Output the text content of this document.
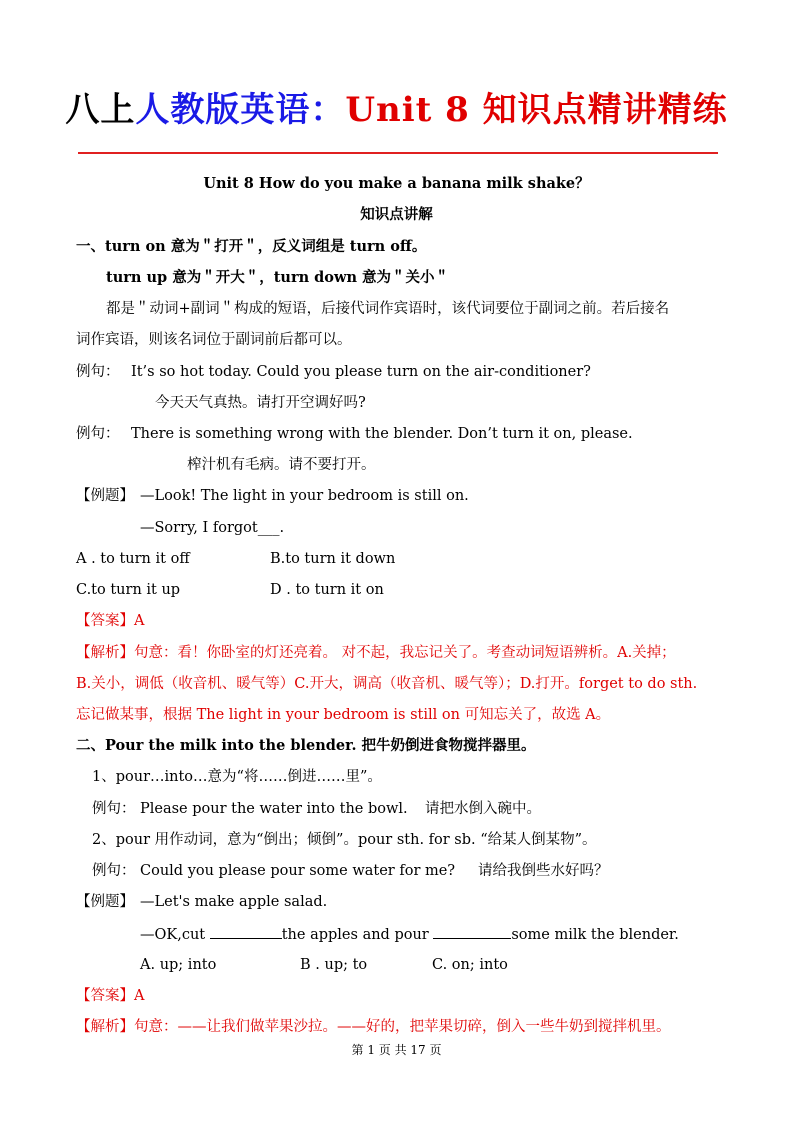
八上人教版英语：Unit 8 知识点精讲精练
Unit 8 How do you make a banana milk shake？
知识点讲解
一、turn on 意为＂打开＂，反义词组是 turn off。
turn up 意为＂开大＂，turn down 意为＂关小＂
都是＂动词+副词＂构成的短语，后接代词作宾语时，该代词要位于副词之前。若后接名
词作宾语，则该名词位于副词前后都可以。
例句： It’s so hot today. Could you please turn on the air-conditioner?
今天天气真热。请打开空调好吗?
例句： There is something wrong with the blender. Don’t turn it on, please.
榨汁机有毛病。请不要打开。
【例题】 —Look! The light in your bedroom is still on.
—Sorry, I forgot___.
A . to turn it off	B.to turn it down
C.to turn it up	D . to turn it on
【答案】A
【解析】句意：看！你卧室的灯还亮着。 对不起，我忘记关了。考查动词短语辨析。A.关掉；
B.关小，调低（收音机、暖气等）C.开大，调高（收音机、暖气等）；D.打开。forget to do sth.
忘记做某事，根据 The light in your bedroom is still on 可知忘关了，故选 A。
二、Pour the milk into the blender. 把牛奶倒进食物搅拌器里。
1、pour…into…意为“将……倒进……里”。
例句： Please pour the water into the bowl. 请把水倒入碗中。
2、pour 用作动词，意为“倒出；倾倒”。pour sth. for sb. “给某人倒某物”。
例句： Could you please pour some water for me? 请给我倒些水好吗？
【例题】 —Let's make apple salad.
—OK,cut	the apples and pour	some milk the blender.
A. up; into	B . up; to	C. on; into
【答案】A
【解析】句意：——让我们做苹果沙拉。——好的，把苹果切碎，倒入一些牛奶到搅拌机里。
第 1 页 共 17 页
